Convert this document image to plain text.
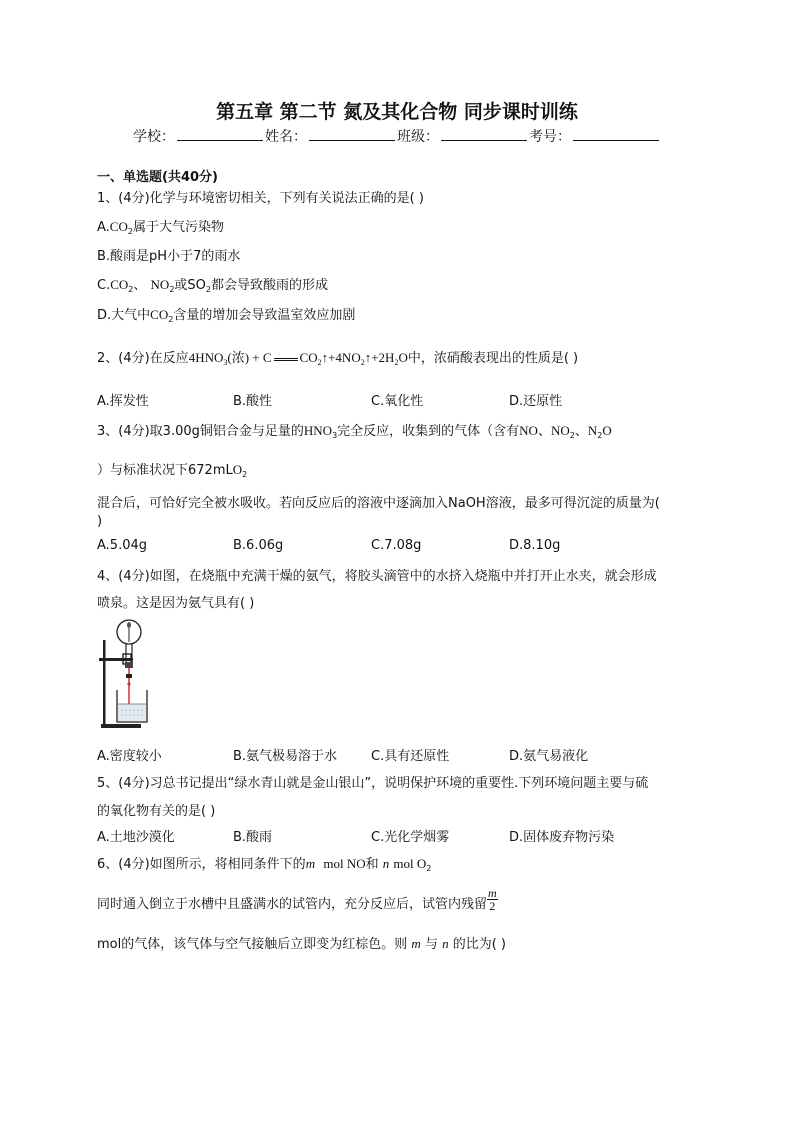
第五章 第二节 氮及其化合物 同步课时训练
学校：	姓名：	班级：	考号：
一、单选题(共40分)
1、(4分)化学与环境密切相关，下列有关说法正确的是( )
$A.CO_2$属于大气污染物
B.酸雨是pH小于7的雨水
$C.CO_2$、 $NO_2$或$SO_2$都会导致酸雨的形成
D.大气中$CO_2$含量的增加会导致温室效应加剧
2、(4分)在反应$4HNO_3$(浓) + C $CO_2↑+4NO_2↑+2H_2O$中，浓硝酸表现出的性质是( )
A.挥发性	B.酸性	C.氧化性	D.还原性
3、(4分)取3.00g铜铝合金与足量的$HNO_3$完全反应，收集到的气体（含有NO、$NO_2$、$N_2O$
）与标准状况下672mLO$_2$
混合后，可恰好完全被水吸收。若向反应后的溶液中逐滴加入NaOH溶液，最多可得沉淀的质量为(
)
A.5.04g	B.6.06g	C.7.08g	D.8.10g
4、(4分)如图，在烧瓶中充满干燥的氨气，将胶头滴管中的水挤入烧瓶中并打开止水夹，就会形成
喷泉。这是因为氨气具有( )
A.密度较小	B.氨气极易溶于水	C.具有还原性	D.氨气易液化
5、(4分)习总书记提出“绿水青山就是金山银山”，说明保护环境的重要性.下列环境问题主要与硫
的氧化物有关的是( )
A.土地沙漠化	B.酸雨	C.光化学烟雾	D.固体废弃物污染
6、(4分)如图所示，将相同条件下的m mol NO和 n mol $O_2$
同时通入倒立于水槽中且盛满水的试管内，充分反应后，试管内残留 $\frac{m}{2}$
mol的气体，该气体与空气接触后立即变为红棕色。则 m 与 n 的比为( )
